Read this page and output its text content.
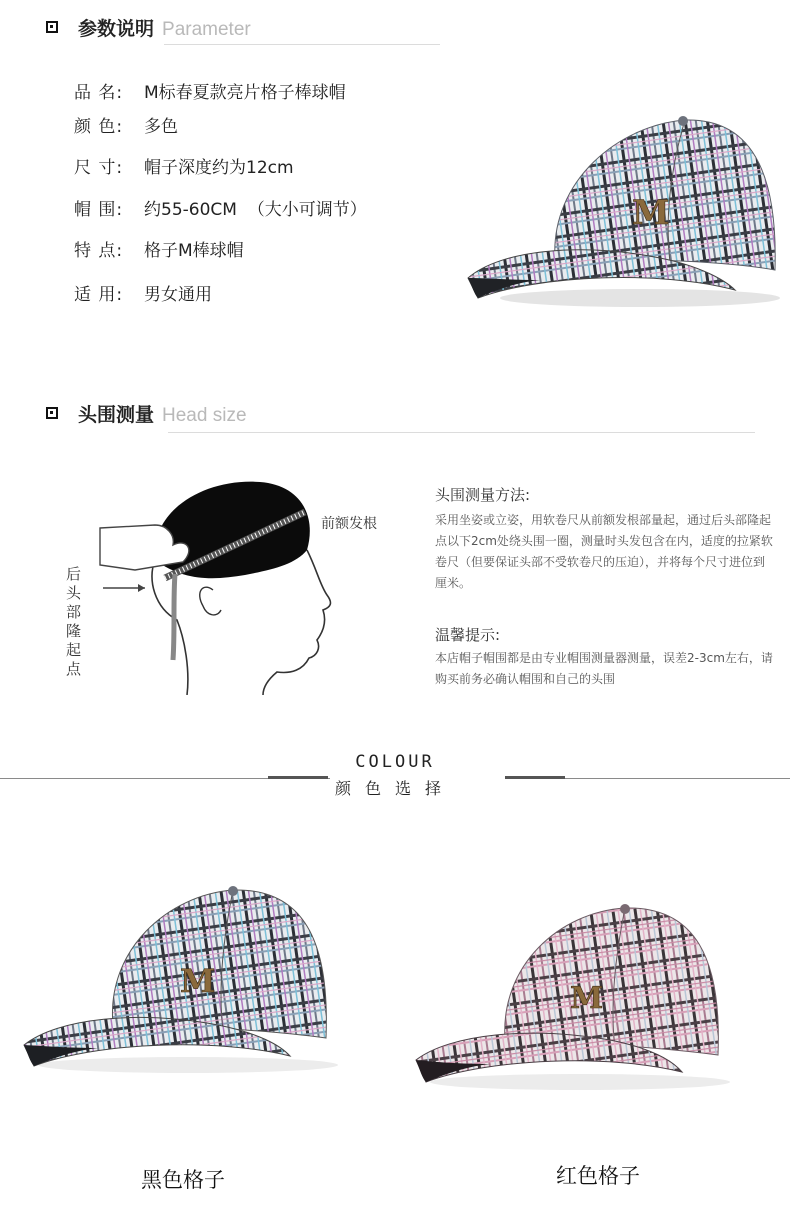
参数说明 Parameter
品 名:	M标春夏款亮片格子棒球帽
颜 色:	多色
尺 寸:	帽子深度约为12cm
帽 围:	约55-60CM  （大小可调节）
特 点:	格子M棒球帽
适 用:	男女通用
M
头围测量 Head size
前额发根
后头部隆起点
头围测量方法:
采用坐姿或立姿，用软卷尺从前额发根部量起，通过后头部隆起点以下2cm处绕头围一圈，测量时头发包含在内，适度的拉紧软卷尺（但要保证头部不受软卷尺的压迫），并将每个尺寸进位到厘米。
温馨提示:
本店帽子帽围都是由专业帽围测量器测量，误差2-3cm左右，请购买前务必确认帽围和自己的头围
COLOUR
颜色选择
M
黑色格子
M
红色格子
